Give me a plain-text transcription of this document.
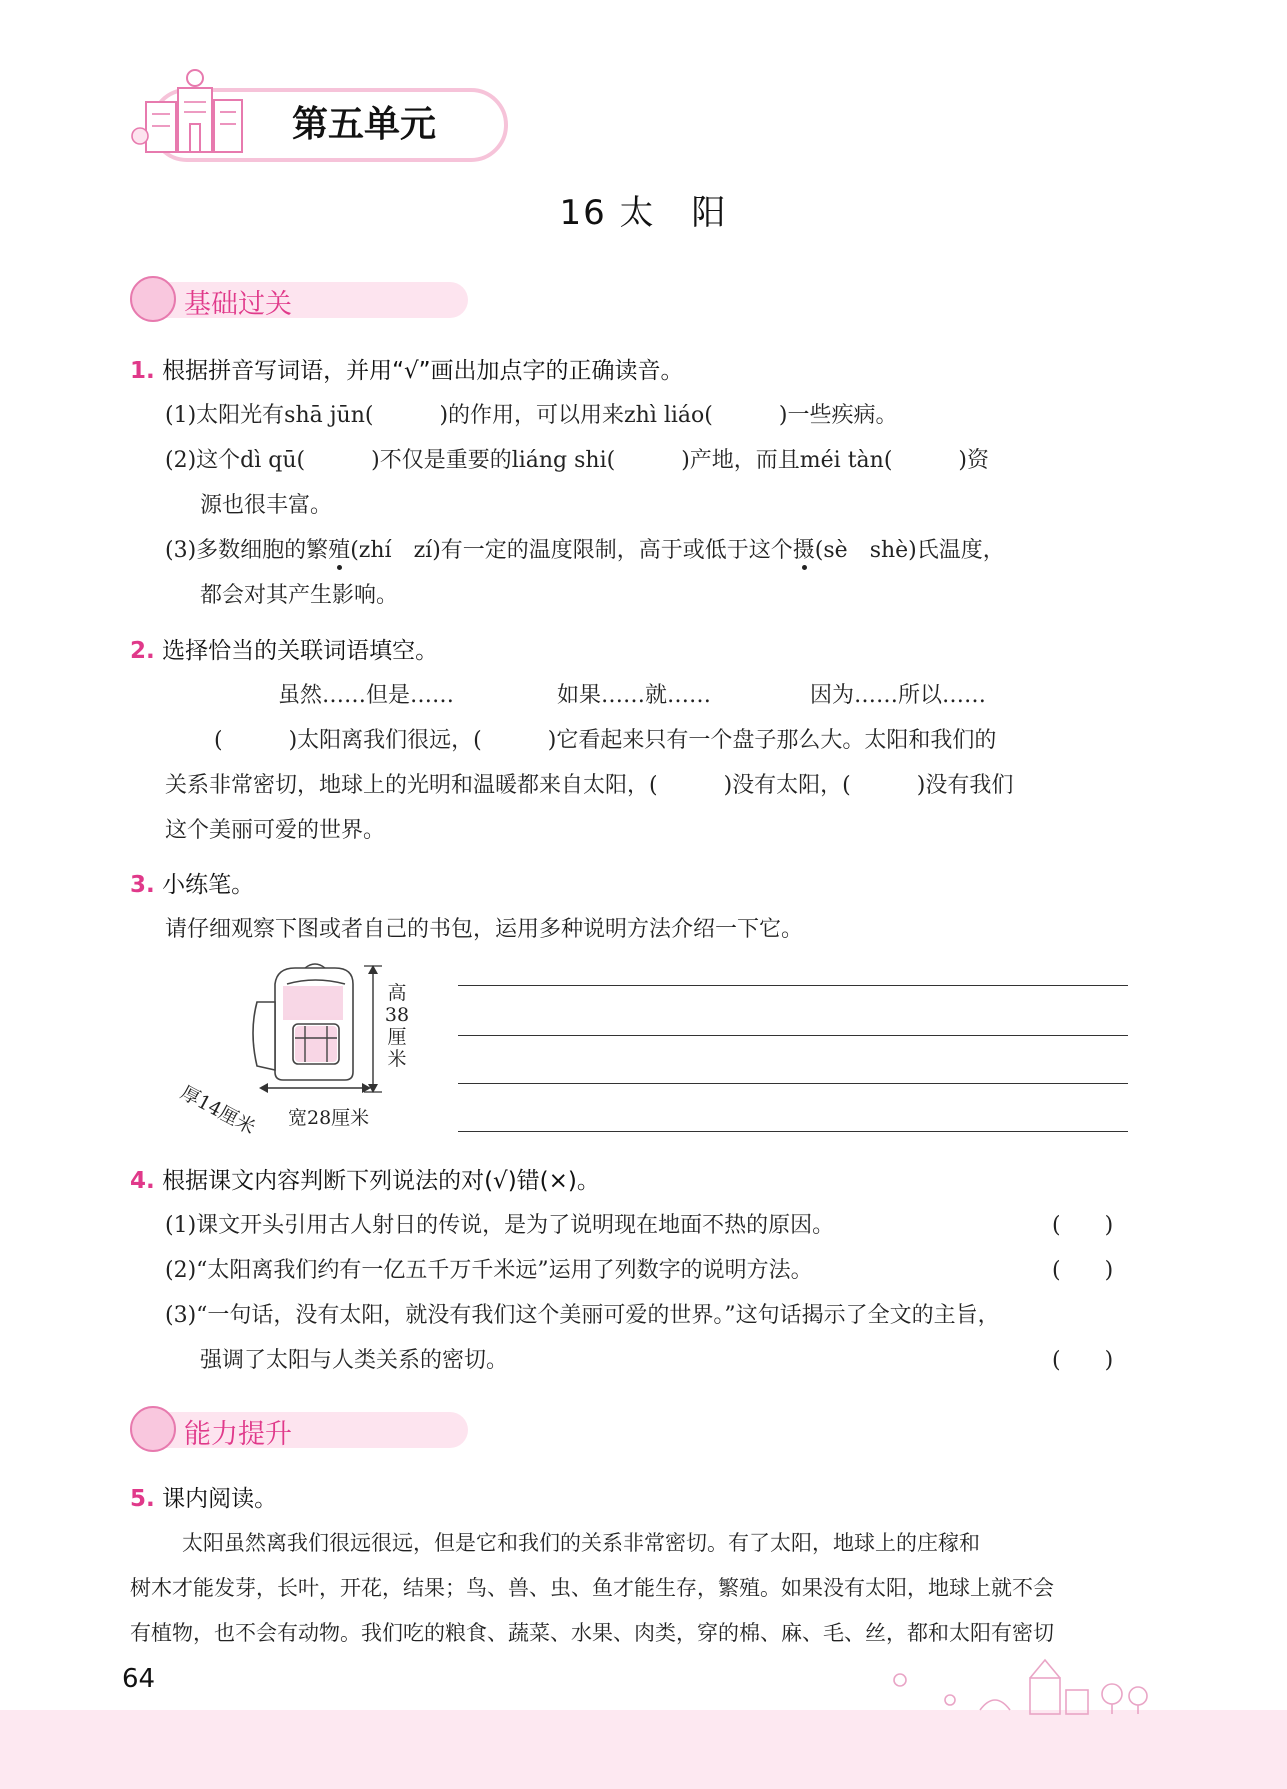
第五单元
16 太　阳
基础过关
1. 根据拼音写词语，并用“√”画出加点字的正确读音。
(1)太阳光有shā jūn(　　　)的作用，可以用来zhì liáo(　　　)一些疾病。
(2)这个dì qū(　　　)不仅是重要的liáng shi(　　　)产地，而且méi tàn(　　　)资
源也很丰富。
(3)多数细胞的繁殖(zhí　zí)有一定的温度限制，高于或低于这个摄(sè　shè)氏温度，
都会对其产生影响。
2. 选择恰当的关联词语填空。
虽然……但是……	如果……就……	因为……所以……
(　　　)太阳离我们很远，(　　　)它看起来只有一个盘子那么大。太阳和我们的
关系非常密切，地球上的光明和温暖都来自太阳，(　　　)没有太阳，(　　　)没有我们
这个美丽可爱的世界。
3. 小练笔。
请仔细观察下图或者自己的书包，运用多种说明方法介绍一下它。
高
38
厘
米
厚14厘米 宽28厘米
4. 根据课文内容判断下列说法的对(√)错(×)。
(1)课文开头引用古人射日的传说，是为了说明现在地面不热的原因。	(　　)
(2)“太阳离我们约有一亿五千万千米远”运用了列数字的说明方法。	(　　)
(3)“一句话，没有太阳，就没有我们这个美丽可爱的世界。”这句话揭示了全文的主旨，
强调了太阳与人类关系的密切。	(　　)
能力提升
5. 课内阅读。
太阳虽然离我们很远很远，但是它和我们的关系非常密切。有了太阳，地球上的庄稼和
树木才能发芽，长叶，开花，结果；鸟、兽、虫、鱼才能生存，繁殖。如果没有太阳，地球上就不会
有植物，也不会有动物。我们吃的粮食、蔬菜、水果、肉类，穿的棉、麻、毛、丝，都和太阳有密切
64
